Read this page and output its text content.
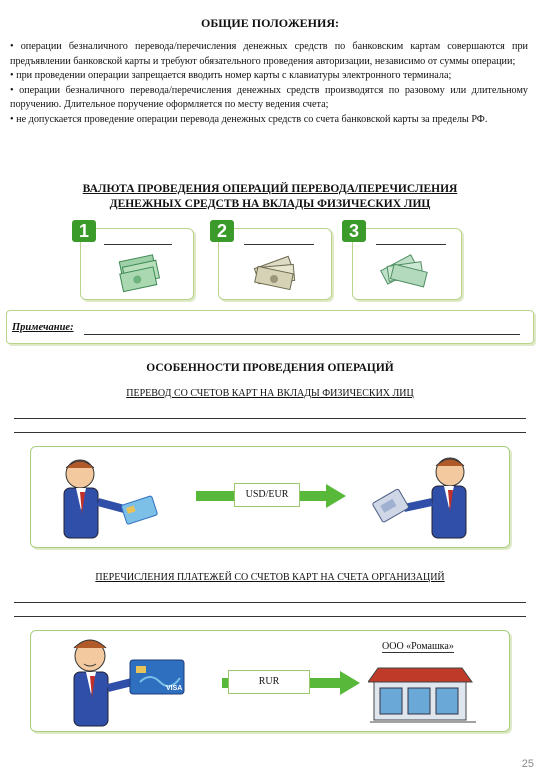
ОБЩИЕ ПОЛОЖЕНИЯ:

• операции безналичного перевода/перечисления денежных средств по банковским картам совершаются при предъявлении банковской карты и требуют обязательного проведения авторизации, независимо от суммы операции;

• при проведении операции запрещается вводить номер карты с клавиатуры электронного терминала;

• операции безналичного перевода/перечисления денежных средств производятся по разовому или длительному поручению. Длительное поручение оформляется по месту ведения счета;

• не допускается проведение операции перевода денежных средств со счета банковской карты за пределы РФ.

ВАЛЮТА ПРОВЕДЕНИЯ ОПЕРАЦИЙ ПЕРЕВОДА/ПЕРЕЧИСЛЕНИЯ
ДЕНЕЖНЫХ СРЕДСТВ НА ВКЛАДЫ ФИЗИЧЕСКИХ ЛИЦ
1	2	3
Примечание:
ОСОБЕННОСТИ ПРОВЕДЕНИЯ ОПЕРАЦИЙ
ПЕРЕВОД СО СЧЕТОВ КАРТ НА ВКЛАДЫ ФИЗИЧЕСКИХ ЛИЦ
USD/EUR
ПЕРЕЧИСЛЕНИЯ ПЛАТЕЖЕЙ СО СЧЕТОВ КАРТ НА СЧЕТА ОРГАНИЗАЦИЙ
VISA
RUR
ООО «Ромашка»
25
